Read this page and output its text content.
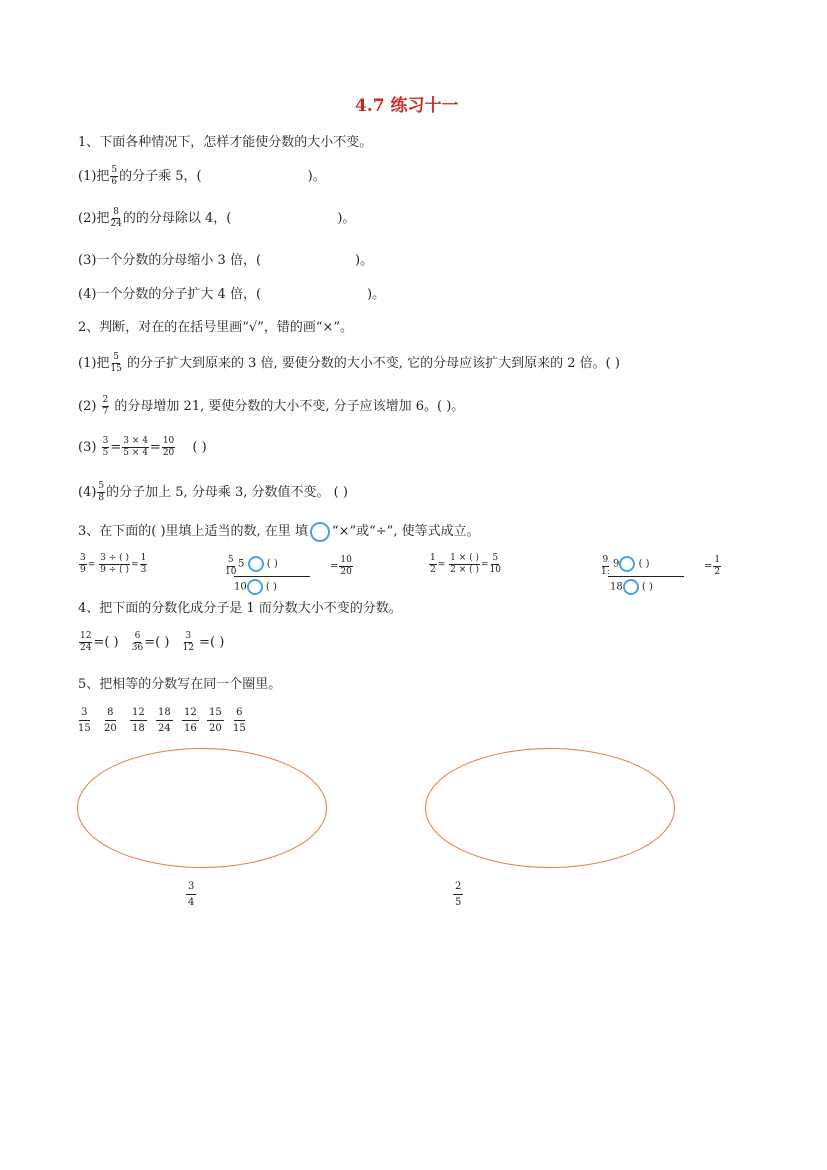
4.7 练习十一
1、下面各种情况下，怎样才能使分数的大小不变。
(1)把 $\frac{5}{6}$ 的分子乘 5，(	)。
(2)把 $\frac{8}{24}$ 的的分母除以 4，(	)。
(3)一个分数的分母缩小 3 倍，(	)。
(4)一个分数的分子扩大 4 倍，(	)。
2、判断，对在的在括号里画“√”，错的画“×”。
(1)把 $\frac{5}{15}$ 的分子扩大到原来的 3 倍, 要使分数的大小不变, 它的分母应该扩大到原来的 2 倍。( )
$(2) \frac{2}{7}$ 的分母增加 21, 要使分数的大小不变, 分子应该增加 6。( )。
$(3) \frac{3}{5} = \frac{3 \times 4}{5 \times 4} = \frac{10}{20}$ ( )
$(4) \frac{5}{8}$ 的分子加上 5, 分母乘 3, 分数值不变。 ( )
3、在下面的( )里填上适当的数, 在里 填 “×”或“÷”, 使等式成立。
$\frac{3}{9} = \frac{3 \div ( )}{9 \div ( )} = \frac{1}{3}$	$\frac{5}{10} 5$ ( )
10 ( )
= $\frac{10}{20}$	$\frac{1}{2} = \frac{1 \times ( )}{2 \times ( )} = \frac{5}{10}$	$\frac{9}{1:} 9$ ( )
18 ( )
= $\frac{1}{2}$
4、把下面的分数化成分子是 1 而分数大小不变的分数。
$\frac{12}{24}$ =( ) $\frac{6}{36}$ =( ) $\frac{3}{12}$ =( )
5、把相等的分数写在同一个圈里。
$\frac{3}{15} \frac{8}{20} \frac{12}{18} \frac{18}{24} \frac{12}{16} \frac{15}{20} \frac{6}{15}$
$\frac{3}{4}$	$\frac{2}{5}$
